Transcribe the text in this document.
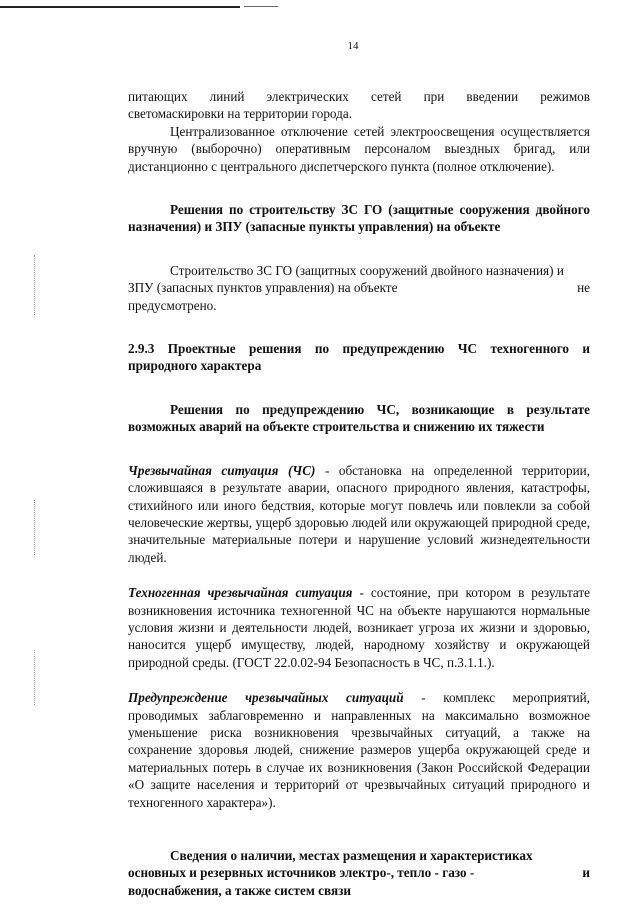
14

питающих линий электрических сетей при введении режимов

светомаскировки на территории города.

Централизованное отключение сетей электроосвещения осуществляется вручную (выборочно) оперативным персоналом выездных бригад, или дистанционно с центрального диспетчерского пункта (полное отключение).

Решения по строительству ЗС ГО (защитные сооружения двойного назначения) и ЗПУ (запасные пункты управления) на объекте

Строительство ЗС ГО (защитных сооружений двойного назначения) и

ЗПУ (запасных пунктов управления) на объекте	не

предусмотрено.

2.9.3 Проектные решения по предупреждению ЧС техногенного и природного характера

Решения по предупреждению ЧС, возникающие в результате возможных аварий на объекте строительства и снижению их тяжести

Чрезвычайная ситуация (ЧС) - обстановка на определенной территории, сложившаяся в результате аварии, опасного природного явления, катастрофы, стихийного или иного бедствия, которые могут повлечь или повлекли за собой человеческие жертвы, ущерб здоровью людей или окружающей природной среде, значительные материальные потери и нарушение условий жизнедеятельности людей.

Техногенная чрезвычайная ситуация - состояние, при котором в результате возникновения источника техногенной ЧС на объекте нарушаются нормальные условия жизни и деятельности людей, возникает угроза их жизни и здоровью, наносится ущерб имуществу, людей, народному хозяйству и окружающей природной среды. (ГОСТ 22.0.02-94 Безопасность в ЧС, п.3.1.1.).

Предупреждение чрезвычайных ситуаций - комплекс мероприятий, проводимых заблаговременно и направленных на максимально возможное уменьшение риска возникновения чрезвычайных ситуаций, а также на сохранение здоровья людей, снижение размеров ущерба окружающей среде и материальных потерь в случае их возникновения (Закон Российской Федерации «О защите населения и территорий от чрезвычайных ситуаций природного и техногенного характера»).

Сведения о наличии, местах размещения и характеристиках

основных и резервных источников электро-, тепло - газо -	и

водоснабжения, а также систем связи
